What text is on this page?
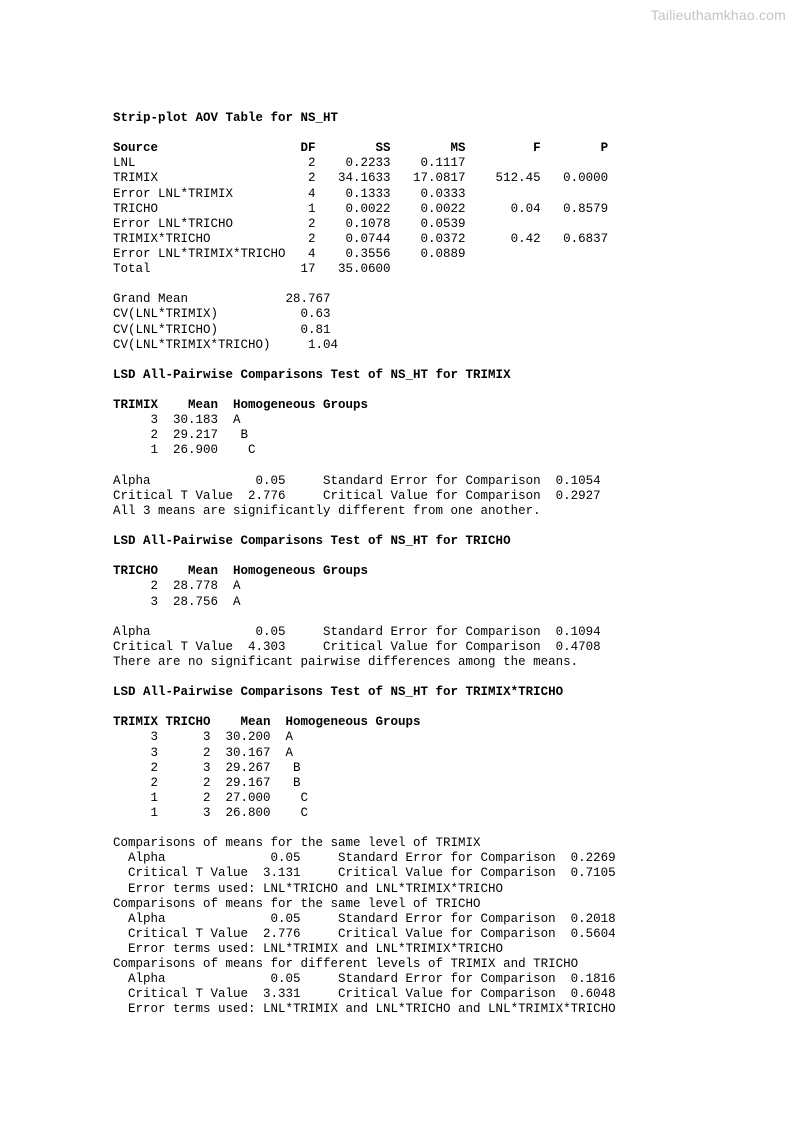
Tailieuthamkhao.com
Strip-plot AOV Table for NS_HT
Source                   DF        SS        MS         F        P
LNL                       2    0.2233    0.1117
TRIMIX                    2   34.1633   17.0817    512.45   0.0000
Error LNL*TRIMIX          4    0.1333    0.0333
TRICHO                    1    0.0022    0.0022      0.04   0.8579
Error LNL*TRICHO          2    0.1078    0.0539
TRIMIX*TRICHO             2    0.0744    0.0372      0.42   0.6837
Error LNL*TRIMIX*TRICHO   4    0.3556    0.0889
Total                    17   35.0600
Grand Mean             28.767
CV(LNL*TRIMIX)           0.63
CV(LNL*TRICHO)           0.81
CV(LNL*TRIMIX*TRICHO)     1.04
LSD All-Pairwise Comparisons Test of NS_HT for TRIMIX
TRIMIX    Mean  Homogeneous Groups
3  30.183  A
2  29.217   B
1  26.900    C
Alpha              0.05     Standard Error for Comparison  0.1054
Critical T Value  2.776     Critical Value for Comparison  0.2927
All 3 means are significantly different from one another.
LSD All-Pairwise Comparisons Test of NS_HT for TRICHO
TRICHO    Mean  Homogeneous Groups
2  28.778  A
3  28.756  A
Alpha              0.05     Standard Error for Comparison  0.1094
Critical T Value  4.303     Critical Value for Comparison  0.4708
There are no significant pairwise differences among the means.
LSD All-Pairwise Comparisons Test of NS_HT for TRIMIX*TRICHO
TRIMIX TRICHO    Mean  Homogeneous Groups
3      3  30.200  A
3      2  30.167  A
2      3  29.267   B
2      2  29.167   B
1      2  27.000    C
1      3  26.800    C
Comparisons of means for the same level of TRIMIX
Alpha              0.05     Standard Error for Comparison  0.2269
Critical T Value  3.131     Critical Value for Comparison  0.7105
Error terms used: LNL*TRICHO and LNL*TRIMIX*TRICHO
Comparisons of means for the same level of TRICHO
Alpha              0.05     Standard Error for Comparison  0.2018
Critical T Value  2.776     Critical Value for Comparison  0.5604
Error terms used: LNL*TRIMIX and LNL*TRIMIX*TRICHO
Comparisons of means for different levels of TRIMIX and TRICHO
Alpha              0.05     Standard Error for Comparison  0.1816
Critical T Value  3.331     Critical Value for Comparison  0.6048
Error terms used: LNL*TRIMIX and LNL*TRICHO and LNL*TRIMIX*TRICHO
